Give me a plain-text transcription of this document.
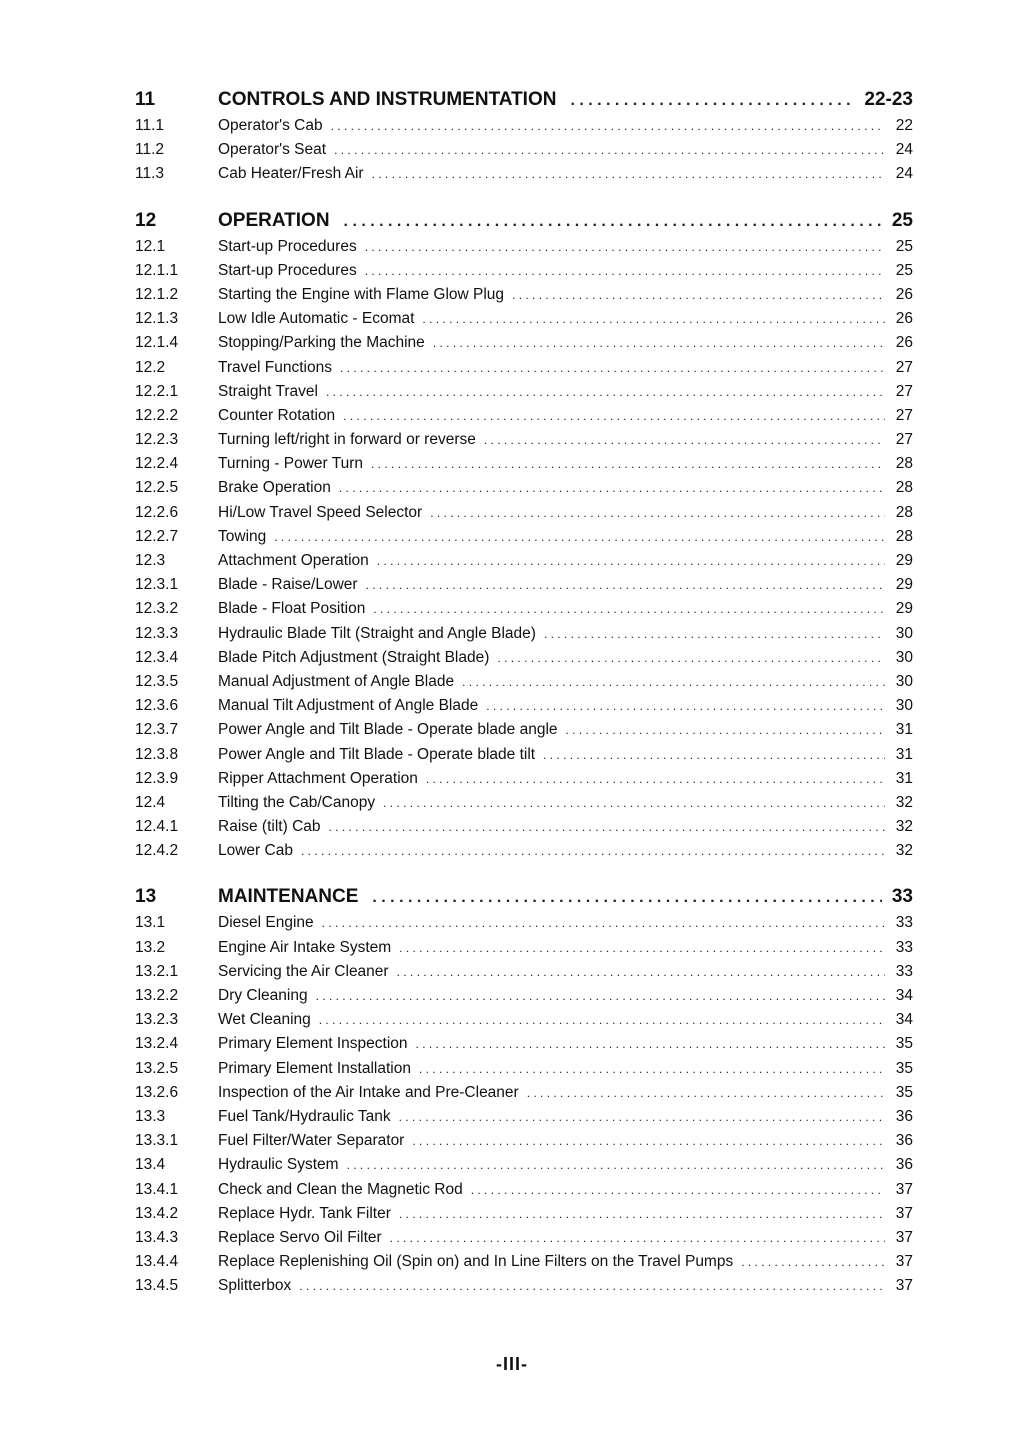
11	CONTROLS AND INSTRUMENTATION . . .	22-23
11.1	Operator's Cab . . .	22
11.2	Operator's Seat . . .	24
11.3	Cab Heater/Fresh Air . . .	24
12	OPERATION . . .	25
12.1	Start-up Procedures . . .	25
12.1.1	Start-up Procedures . . .	25
12.1.2	Starting the Engine with Flame Glow Plug . . .	26
12.1.3	Low Idle Automatic - Ecomat . . .	26
12.1.4	Stopping/Parking the Machine . . .	26
12.2	Travel Functions . . .	27
12.2.1	Straight Travel . . .	27
12.2.2	Counter Rotation . . .	27
12.2.3	Turning left/right in forward or reverse . . .	27
12.2.4	Turning - Power Turn . . .	28
12.2.5	Brake Operation . . .	28
12.2.6	Hi/Low Travel Speed Selector . . .	28
12.2.7	Towing . . .	28
12.3	Attachment Operation . . .	29
12.3.1	Blade - Raise/Lower . . .	29
12.3.2	Blade - Float Position . . .	29
12.3.3	Hydraulic Blade Tilt (Straight and Angle Blade) . . .	30
12.3.4	Blade Pitch Adjustment (Straight Blade) . . .	30
12.3.5	Manual Adjustment of Angle Blade . . .	30
12.3.6	Manual Tilt Adjustment of Angle Blade . . .	30
12.3.7	Power Angle and Tilt Blade - Operate blade angle . . .	31
12.3.8	Power Angle and Tilt Blade - Operate blade tilt . . .	31
12.3.9	Ripper Attachment Operation . . .	31
12.4	Tilting the Cab/Canopy . . .	32
12.4.1	Raise (tilt) Cab . . .	32
12.4.2	Lower Cab . . .	32
13	MAINTENANCE . . .	33
13.1	Diesel Engine . . .	33
13.2	Engine Air Intake System . . .	33
13.2.1	Servicing the Air Cleaner . . .	33
13.2.2	Dry Cleaning . . .	34
13.2.3	Wet Cleaning . . .	34
13.2.4	Primary Element Inspection . . .	35
13.2.5	Primary Element Installation . . .	35
13.2.6	Inspection of the Air Intake and Pre-Cleaner . . .	35
13.3	Fuel Tank/Hydraulic Tank . . .	36
13.3.1	Fuel Filter/Water Separator . . .	36
13.4	Hydraulic System . . .	36
13.4.1	Check and Clean the Magnetic Rod . . .	37
13.4.2	Replace Hydr. Tank Filter . . .	37
13.4.3	Replace Servo Oil Filter . . .	37
13.4.4	Replace Replenishing Oil (Spin on) and In Line Filters on the Travel Pumps . . .	37
13.4.5	Splitterbox . . .	37
-III-
